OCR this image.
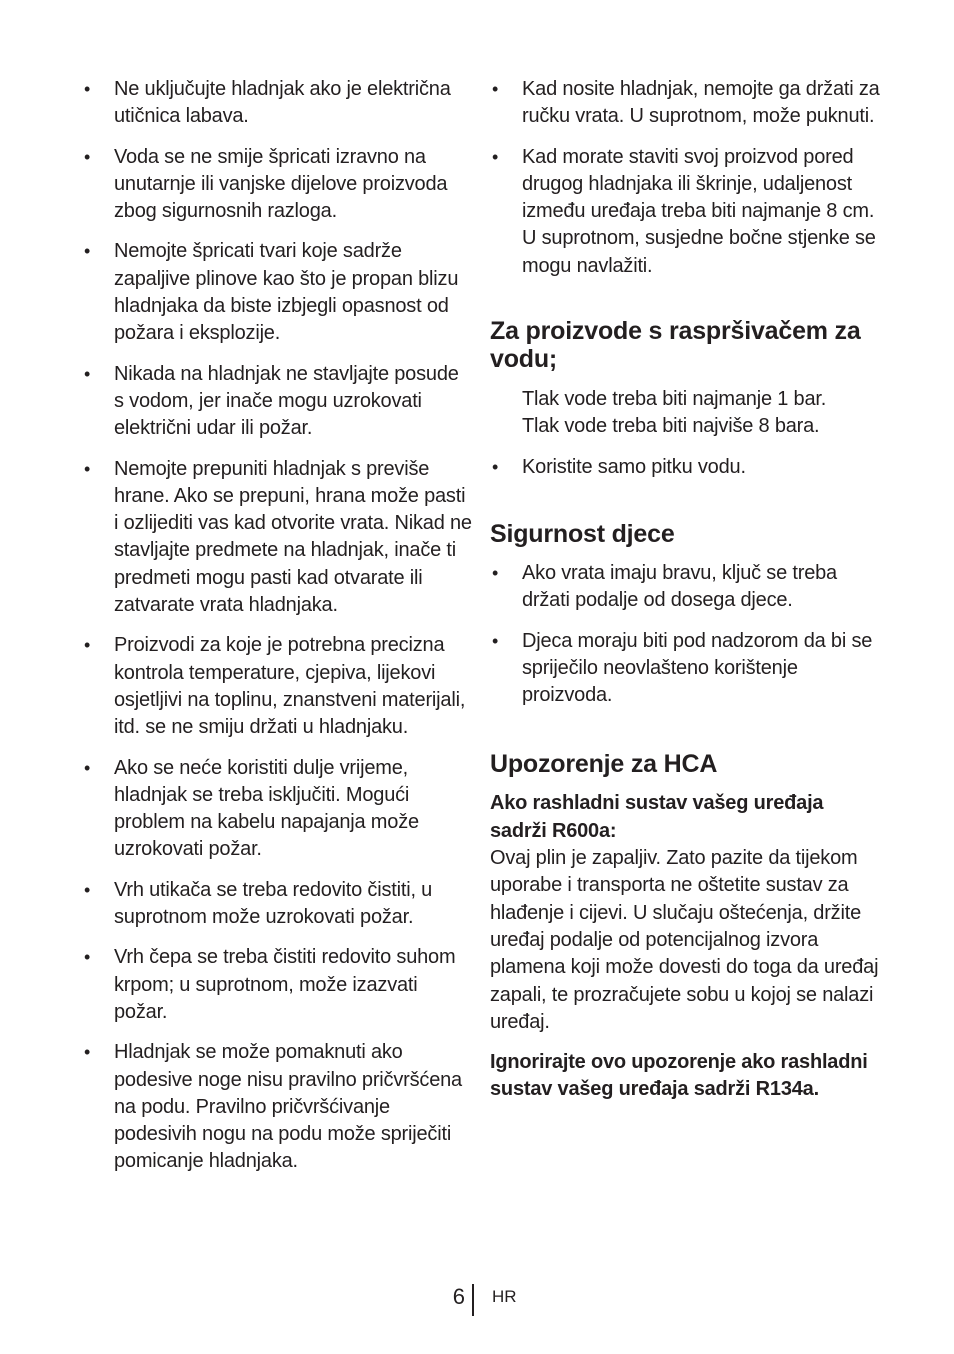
• Ne uključujte hladnjak ako je električna utičnica labava.
• Voda se ne smije špricati izravno na unutarnje ili vanjske dijelove proizvoda zbog sigurnosnih razloga.
• Nemojte špricati tvari koje sadrže zapaljive plinove kao što je propan blizu hladnjaka da biste izbjegli opasnost od požara i eksplozije.
• Nikada na hladnjak ne stavljajte posude s vodom, jer inače mogu uzrokovati električni udar ili požar.
• Nemojte prepuniti hladnjak s previše hrane. Ako se prepuni, hrana može pasti i ozlijediti vas kad otvorite vrata. Nikad ne stavljajte predmete na hladnjak, inače ti predmeti mogu pasti kad otvarate ili zatvarate vrata hladnjaka.
• Proizvodi za koje je potrebna precizna kontrola temperature, cjepiva, lijekovi osjetljivi na toplinu, znanstveni materijali, itd. se ne smiju držati u hladnjaku.
• Ako se neće koristiti dulje vrijeme, hladnjak se treba isključiti. Mogući problem na kabelu napajanja može uzrokovati požar.
• Vrh utikača se treba redovito čistiti, u suprotnom može uzrokovati požar.
• Vrh čepa se treba čistiti redovito suhom krpom; u suprotnom, može izazvati požar.
• Hladnjak se može pomaknuti ako podesive noge nisu pravilno pričvršćena na podu. Pravilno pričvršćivanje podesivih nogu na podu može spriječiti pomicanje hladnjaka.
• Kad nosite hladnjak, nemojte ga držati za ručku vrata. U suprotnom, može puknuti.
• Kad morate staviti svoj proizvod pored drugog hladnjaka ili škrinje, udaljenost između uređaja treba biti najmanje 8 cm. U suprotnom, susjedne bočne stjenke se mogu navlažiti.
Za proizvode s raspršivačem za vodu;
Tlak vode treba biti najmanje 1 bar.
Tlak vode treba biti najviše 8 bara.
• Koristite samo pitku vodu.
Sigurnost djece
• Ako vrata imaju bravu, ključ se treba držati podalje od dosega djece.
• Djeca moraju biti pod nadzorom da bi se spriječilo neovlašteno korištenje proizvoda.
Upozorenje za HCA
Ako rashladni sustav vašeg uređaja sadrži R600a:
Ovaj plin je zapaljiv. Zato pazite da tijekom uporabe i transporta ne oštetite sustav za hlađenje i cijevi. U slučaju oštećenja, držite uređaj podalje od potencijalnog izvora plamena koji može dovesti do toga da uređaj zapali, te prozračujete sobu u kojoj se nalazi uređaj.
Ignorirajte ovo upozorenje ako rashladni sustav vašeg uređaja sadrži R134a.
6 HR
